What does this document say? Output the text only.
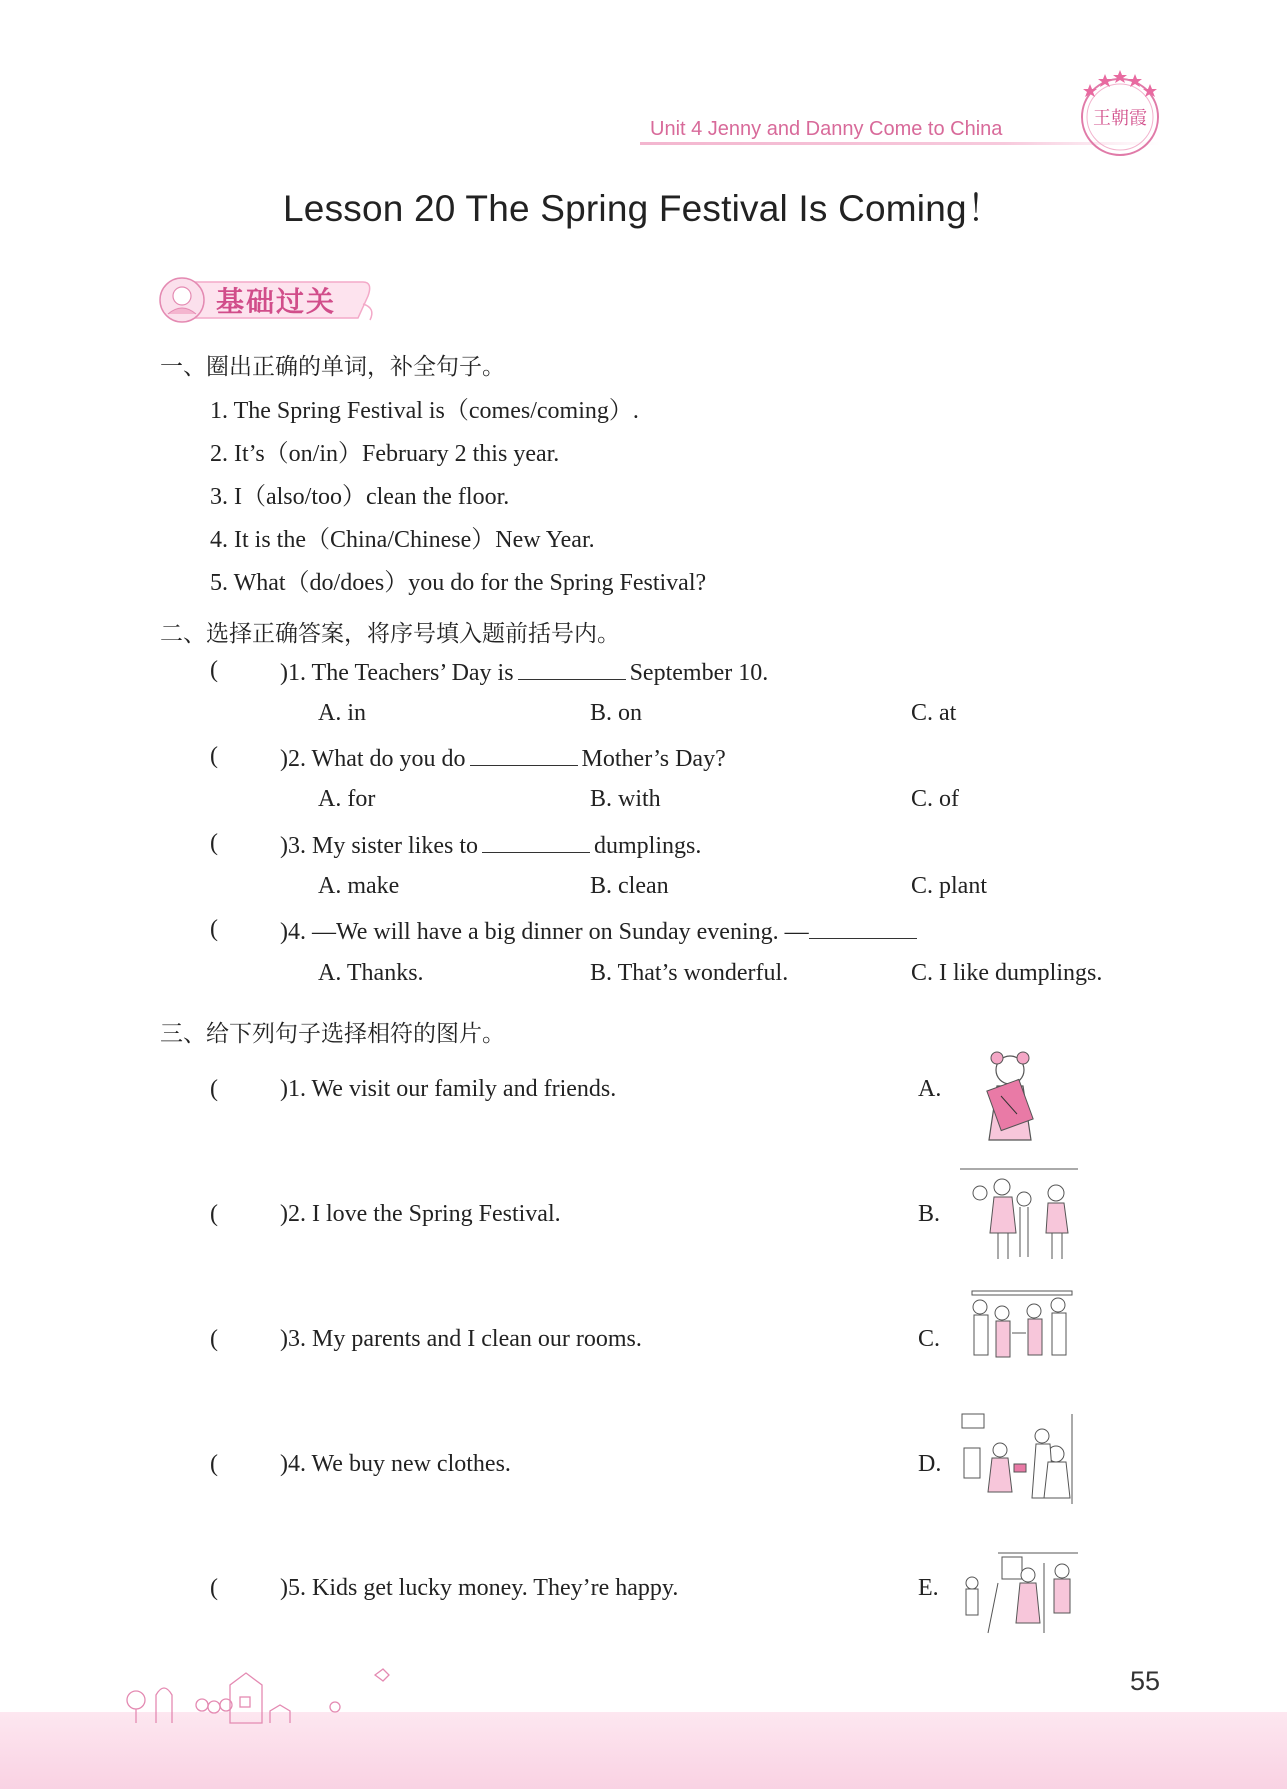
Unit 4 Jenny and Danny Come to China	王朝霞
Lesson 20 The Spring Festival Is Coming！
基础过关
一、圈出正确的单词，补全句子。
1. The Spring Festival is（comes/coming）.
2. It’s（on/in）February 2 this year.
3. I（also/too）clean the floor.
4. It is the（China/Chinese）New Year.
5. What（do/does）you do for the Spring Festival?
二、选择正确答案，将序号填入题前括号内。
(	)1. The Teachers’ Day is	September 10.
A. in	B. on	C. at
(	)2. What do you do	Mother’s Day?
A. for	B. with	C. of
(	)3. My sister likes to	dumplings.
A. make	B. clean	C. plant
(	)4. —We will have a big dinner on Sunday evening. —
A. Thanks.	B. That’s wonderful.	C. I like dumplings.
三、给下列句子选择相符的图片。
(	)1. We visit our family and friends.	A.
(	)2. I love the Spring Festival.	B.
(	)3. My parents and I clean our rooms.	C.
(	)4. We buy new clothes.	D.
(	)5. Kids get lucky money. They’re happy.	E.
55
